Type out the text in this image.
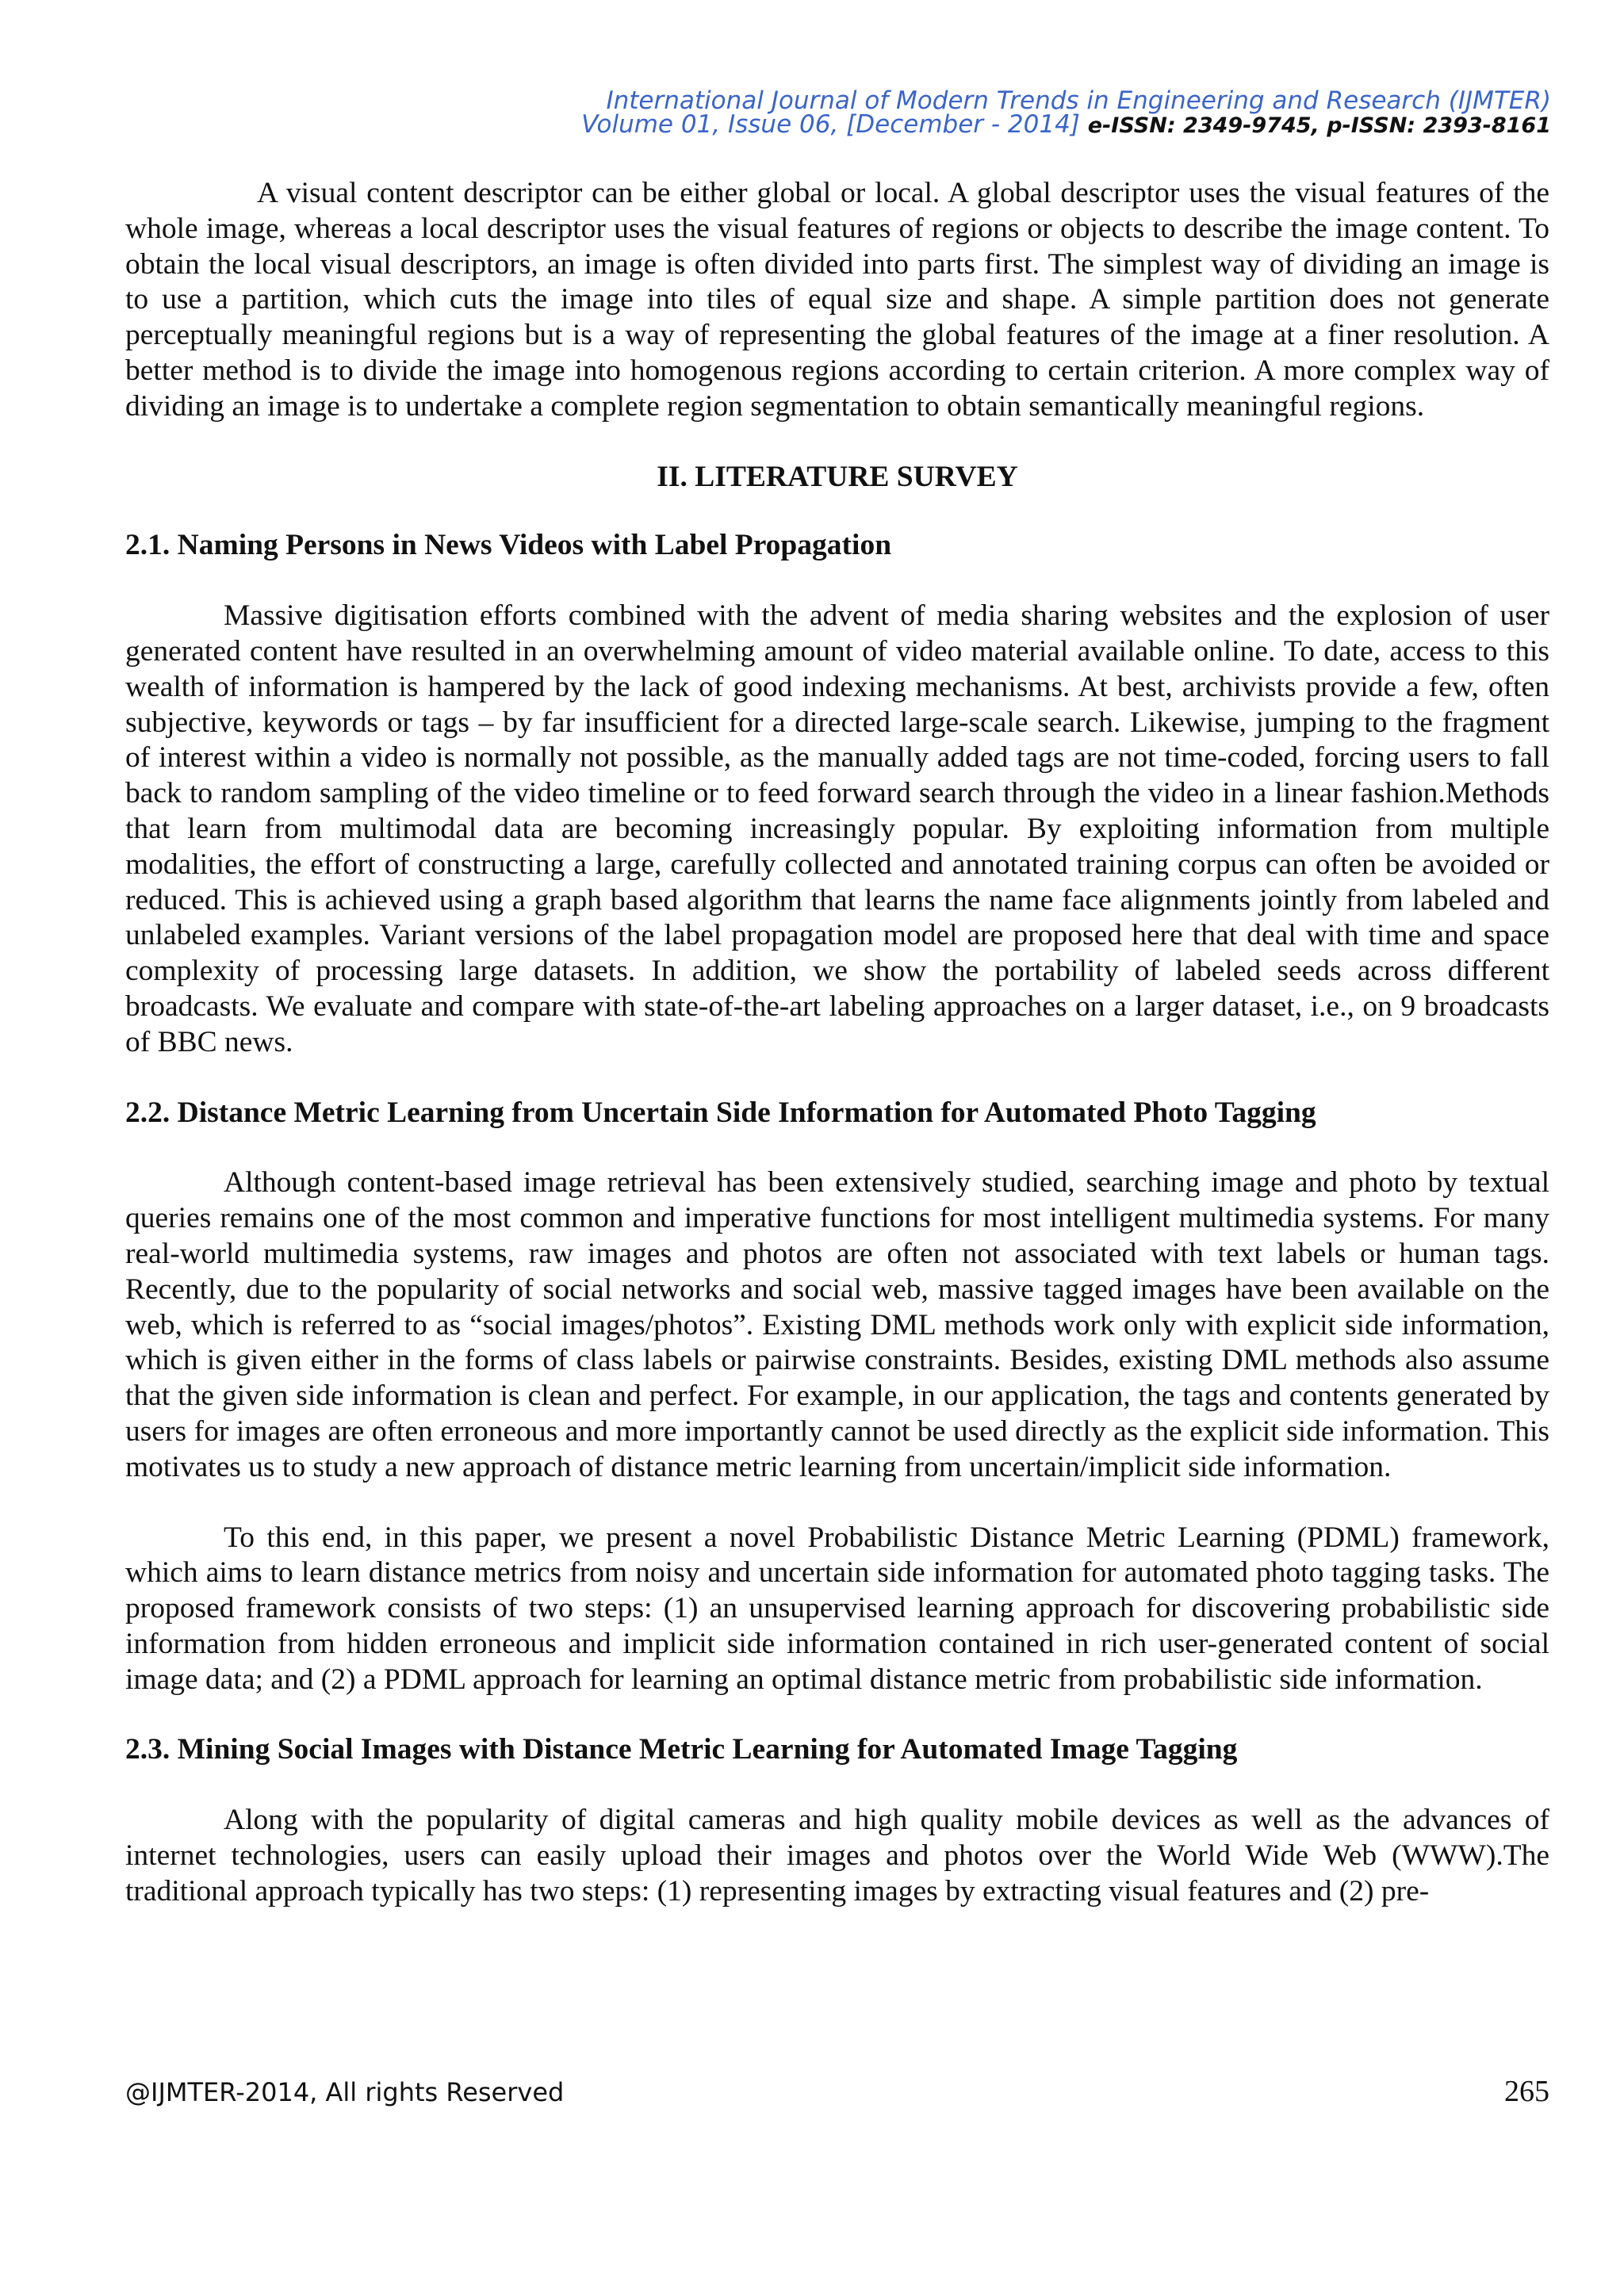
International Journal of Modern Trends in Engineering and Research (IJMTER)
Volume 01, Issue 06, [December - 2014] e-ISSN: 2349-9745, p-ISSN: 2393-8161

A visual content descriptor can be either global or local. A global descriptor uses the visual features of the whole image, whereas a local descriptor uses the visual features of regions or objects to describe the image content. To obtain the local visual descriptors, an image is often divided into parts first. The simplest way of dividing an image is to use a partition, which cuts the image into tiles of equal size and shape. A simple partition does not generate perceptually meaningful regions but is a way of representing the global features of the image at a finer resolution. A better method is to divide the image into homogenous regions according to certain criterion. A more complex way of dividing an image is to undertake a complete region segmentation to obtain semantically meaningful regions.

II. LITERATURE SURVEY
2.1. Naming Persons in News Videos with Label Propagation

Massive digitisation efforts combined with the advent of media sharing websites and the explosion of user generated content have resulted in an overwhelming amount of video material available online. To date, access to this wealth of information is hampered by the lack of good indexing mechanisms. At best, archivists provide a few, often subjective, keywords or tags – by far insufficient for a directed large-scale search. Likewise, jumping to the fragment of interest within a video is normally not possible, as the manually added tags are not time-coded, forcing users to fall back to random sampling of the video timeline or to feed forward search through the video in a linear fashion.Methods that learn from multimodal data are becoming increasingly popular. By exploiting information from multiple modalities, the effort of constructing a large, carefully collected and annotated training corpus can often be avoided or reduced. This is achieved using a graph based algorithm that learns the name face alignments jointly from labeled and unlabeled examples. Variant versions of the label propagation model are proposed here that deal with time and space complexity of processing large datasets. In addition, we show the portability of labeled seeds across different broadcasts. We evaluate and compare with state-of-the-art labeling approaches on a larger dataset, i.e., on 9 broadcasts of BBC news.

2.2. Distance Metric Learning from Uncertain Side Information for Automated Photo Tagging

Although content-based image retrieval has been extensively studied, searching image and photo by textual queries remains one of the most common and imperative functions for most intelligent multimedia systems. For many real-world multimedia systems, raw images and photos are often not associated with text labels or human tags. Recently, due to the popularity of social networks and social web, massive tagged images have been available on the web, which is referred to as “social images/photos”. Existing DML methods work only with explicit side information, which is given either in the forms of class labels or pairwise constraints. Besides, existing DML methods also assume that the given side information is clean and perfect. For example, in our application, the tags and contents generated by users for images are often erroneous and more importantly cannot be used directly as the explicit side information. This motivates us to study a new approach of distance metric learning from uncertain/implicit side information.

To this end, in this paper, we present a novel Probabilistic Distance Metric Learning (PDML) framework, which aims to learn distance metrics from noisy and uncertain side information for automated photo tagging tasks. The proposed framework consists of two steps: (1) an unsupervised learning approach for discovering probabilistic side information from hidden erroneous and implicit side information contained in rich user-generated content of social image data; and (2) a PDML approach for learning an optimal distance metric from probabilistic side information.

2.3. Mining Social Images with Distance Metric Learning for Automated Image Tagging

Along with the popularity of digital cameras and high quality mobile devices as well as the advances of internet technologies, users can easily upload their images and photos over the World Wide Web (WWW).The traditional approach typically has two steps: (1) representing images by extracting visual features and (2) pre-

@IJMTER-2014, All rights Reserved	265
